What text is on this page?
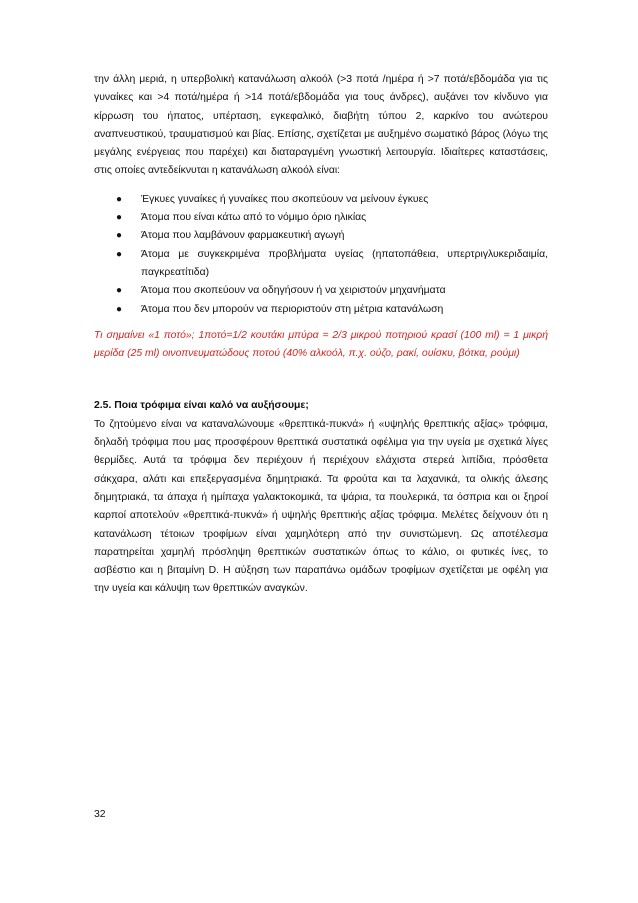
την άλλη μεριά, η υπερβολική κατανάλωση αλκοόλ (>3 ποτά /ημέρα ή >7 ποτά/εβδομάδα για τις γυναίκες και >4 ποτά/ημέρα ή >14 ποτά/εβδομάδα για τους άνδρες), αυξάνει τον κίνδυνο για κίρρωση του ήπατος, υπέρταση, εγκεφαλικό, διαβήτη τύπου 2, καρκίνο του ανώτερου αναπνευστικού, τραυματισμού και βίας. Επίσης, σχετίζεται με αυξημένο σωματικό βάρος (λόγω της μεγάλης ενέργειας που παρέχει) και διαταραγμένη γνωστική λειτουργία. Ιδιαίτερες καταστάσεις, στις οποίες αντεδείκνυται η κατανάλωση αλκοόλ είναι:

● Έγκυες γυναίκες ή γυναίκες που σκοπεύουν να μείνουν έγκυες
● Άτομα που είναι κάτω από το νόμιμο όριο ηλικίας
● Άτομα που λαμβάνουν φαρμακευτική αγωγή
● Άτομα με συγκεκριμένα προβλήματα υγείας (ηπατοπάθεια, υπερτριγλυκεριδαιμία, παγκρεατίτιδα)
● Άτομα που σκοπεύουν να οδηγήσουν ή να χειριστούν μηχανήματα
● Άτομα που δεν μπορούν να περιοριστούν στη μέτρια κατανάλωση

Τι σημαίνει «1 ποτό»; 1ποτό=1/2 κουτάκι μπύρα = 2/3 μικρού ποτηριού κρασί (100 ml) = 1 μικρή μερίδα (25 ml) οινοπνευματώδους ποτού (40% αλκοόλ, π.χ. ούζο, ρακί, ουίσκυ, βότκα, ρούμι)

2.5. Ποια τρόφιμα είναι καλό να αυξήσουμε;

Το ζητούμενο είναι να καταναλώνουμε «θρεπτικά-πυκνά» ή «υψηλής θρεπτικής αξίας» τρόφιμα, δηλαδή τρόφιμα που μας προσφέρουν θρεπτικά συστατικά οφέλιμα για την υγεία με σχετικά λίγες θερμίδες. Αυτά τα τρόφιμα δεν περιέχουν ή περιέχουν ελάχιστα στερεά λιπίδια, πρόσθετα σάκχαρα, αλάτι και επεξεργασμένα δημητριακά. Τα φρούτα και τα λαχανικά, τα ολικής άλεσης δημητριακά, τα άπαχα ή ημίπαχα γαλακτοκομικά, τα ψάρια, τα πουλερικά, τα όσπρια και οι ξηροί καρποί αποτελούν «θρεπτικά-πυκνά» ή υψηλής θρεπτικής αξίας τρόφιμα. Μελέτες δείχνουν ότι η κατανάλωση τέτοιων τροφίμων είναι χαμηλότερη από την συνιστώμενη. Ως αποτέλεσμα παρατηρείται χαμηλή πρόσληψη θρεπτικών συστατικών όπως το κάλιο, οι φυτικές ίνες, το ασβέστιο και η βιταμίνη D. Η αύξηση των παραπάνω ομάδων τροφίμων σχετίζεται με οφέλη για την υγεία και κάλυψη των θρεπτικών αναγκών.

32
